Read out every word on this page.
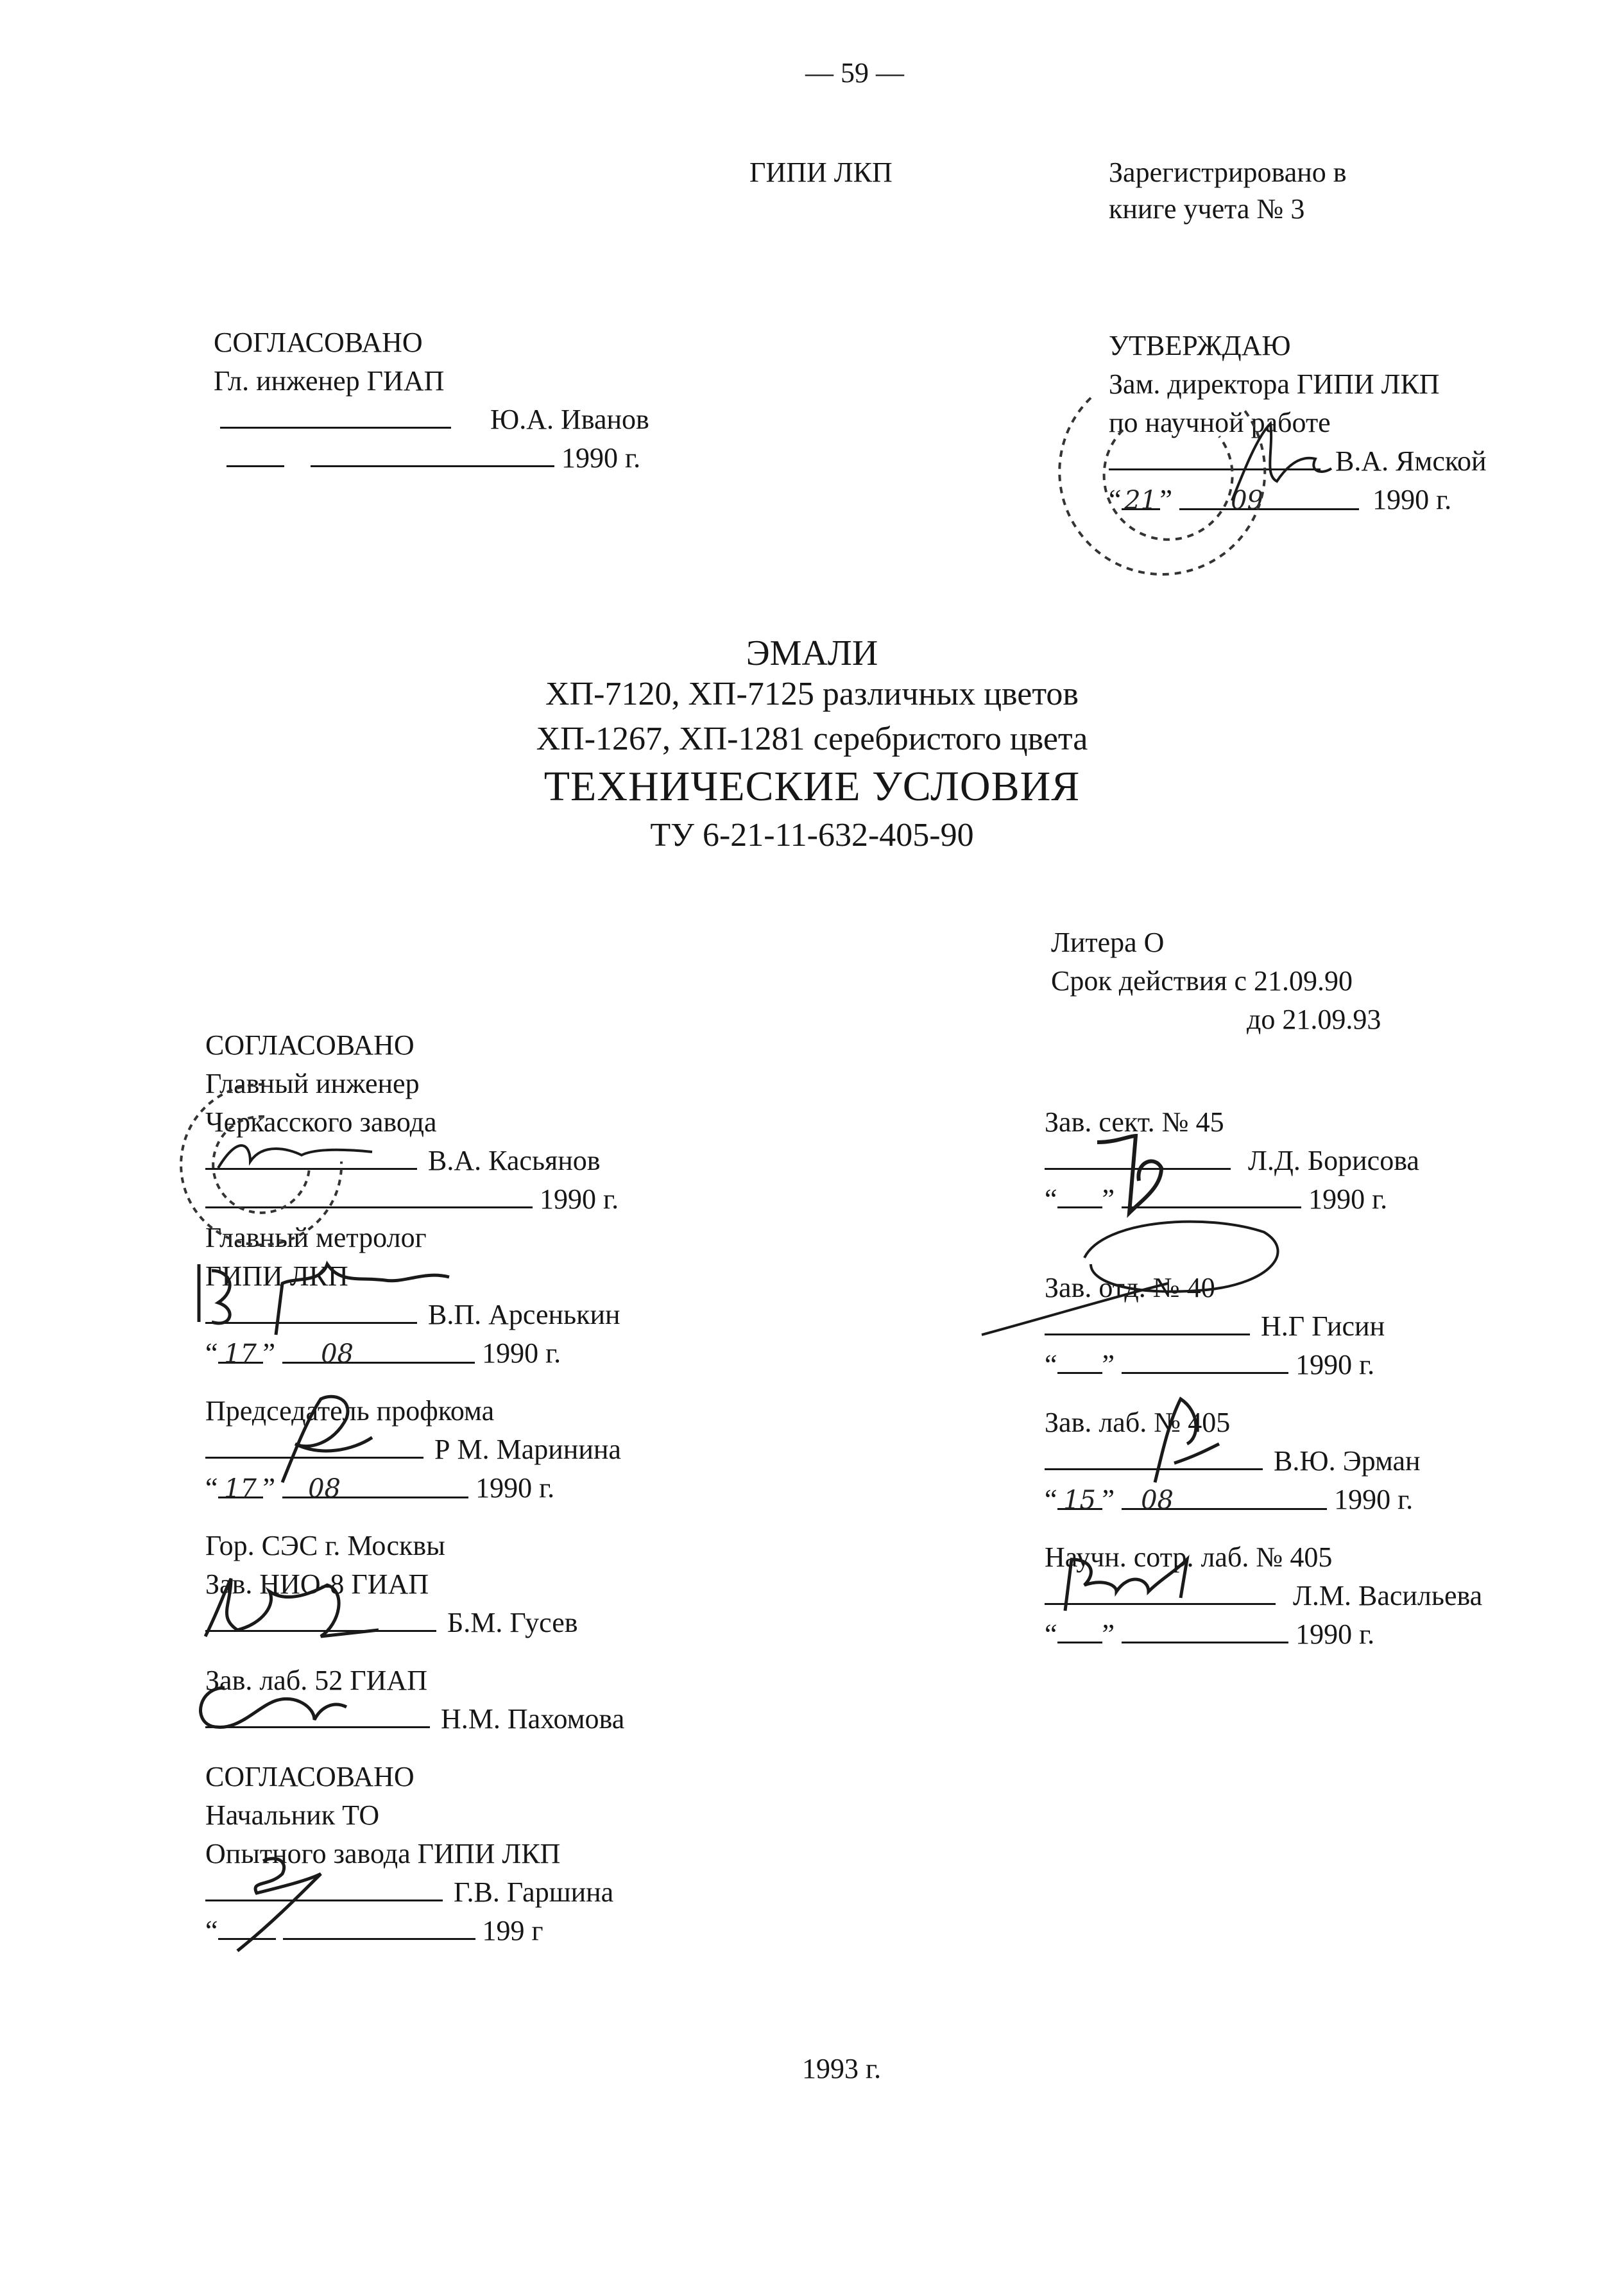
— 59 —
ГИПИ ЛКП	Зарегистрировано в
книге учета № 3
СОГЛАСОВАНО
Гл. инженер ГИАП
Ю.А. Иванов
1990 г.
УТВЕРЖДАЮ
Зам. директора ГИПИ ЛКП
по научной работе
В.А. Ямской
“ 21 ” 09	1990 г.
ЭМАЛИ
ХП-7120, ХП-7125 различных цветов
ХП-1267, ХП-1281 серебристого цвета
ТЕХНИЧЕСКИЕ УСЛОВИЯ
ТУ 6-21-11-632-405-90
Литера О
Срок действия с 21.09.90
до 21.09.93
СОГЛАСОВАНО
Главный инженер
Черкасского завода
В.А. Касьянов
1990 г.
Главный метролог
ГИПИ ЛКП
В.П. Арсенькин
“ 17 ” 08	1990 г.
Председатель профкома
Р М. Маринина
“ 17 ” 08	1990 г.
Гор. СЭС г. Москвы
Зав. НИО-8 ГИАП
Б.М. Гусев
Зав. лаб. 52 ГИАП
Н.М. Пахомова
СОГЛАСОВАНО
Начальник ТО
Опытного завода ГИПИ ЛКП
Г.В. Гаршина
“	199 г
Зав. сект. № 45
Л.Д. Борисова
“ ”	1990 г.
Зав. отд. № 40
Н.Г Гисин
“ ”	1990 г.
Зав. лаб. № 405
В.Ю. Эрман
“ 15 ” 08	1990 г.
Научн. сотр. лаб. № 405
Л.М. Васильева
“ ”	1990 г.
1993 г.
